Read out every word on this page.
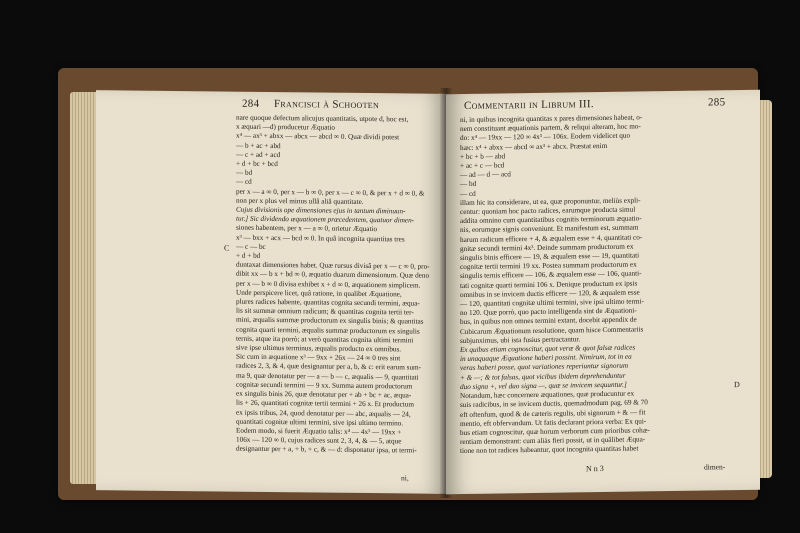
284 Francisci à Schooten
C
nare quoque defectum alicujus quantitatis, utpote d, hoc est,
x æquari —d) producetur Æquatio
x⁴ — ax³ + abxx — abcx — abcd ∞ 0. Quæ dividi potest
— b + ac + abd
— c + ad + acd
+ d + bc + bcd
— bd
— cd
per x — a ∞ 0, per x — b ∞ 0, per x — c ∞ 0, & per x + d ∞ 0, &
non per x plus vel minus ullâ aliâ quantitate.
Cujus divisionis ope dimensiones ejus in tantum diminuun-
tur.] Sic dividendo æquationem præcedentem, quatuor dimen-
siones habentem, per x — a ∞ 0, orietur Æquatio
x³ — bxx + acx — bcd ∞ 0. In quâ incognita quantitas tres
— c — bc
+ d + bd
duntaxat dimensiones habet. Quæ rursus divisâ per x — c ∞ 0, pro-
dibit xx — b x + bd ∞ 0, æquatio duarum dimensionum. Quæ deno
per x — b ∞ 0 divisa exhibet x + d ∞ 0, æquationem simplicem.
Unde perspicere licet, quâ ratione, in qualibet Æquatione,
plures radices habente, quantitas cognita secundi termini, æqua-
lis sit summæ omnium radicum; & quantitas cognita tertii ter-
mini, æqualis summæ productorum ex singulis binis; & quantitas
cognita quarti termini, æqualis summæ productorum ex singulis
ternis, atque ita porrò; at verò quantitas cognita ultimi termini
sive ipse ultimus terminus, æqualis producto ex omnibus.
Sic cum in æquatione x³ — 9xx + 26x — 24 ∞ 0 tres sint
radices 2, 3, & 4, quæ designantur per a, b, & c: erit earum sum-
ma 9, quæ denotatur per — a — b — c, æqualis — 9, quantitati
cognitæ secundi termini — 9 xx. Summa autem productorum
ex singulis binis 26, quæ denotatur per + ab + bc + ac, æqua-
lis + 26, quantitati cognitæ tertii termini + 26 x. Et productum
ex ipsis tribus, 24, quod denotatur per — abc, æqualis — 24,
quantitati cognitæ ultimi termini, sive ipsi ultimo termino.
Eodem modo, si fuerit Æquatio talis: x⁴ — 4x³ — 19xx +
106x — 120 ∞ 0, cujus radices sunt 2, 3, 4, & — 5, atque
designantur per + a, + b, + c, & — d: disponatur ipsa, ut termi-
ni,
Commentarii in Librum III.	285
D
ni, in quibus incognita quantitas x pares dimensiones habeat, o-
nem constituant æquationis partem, & reliqui alteram, hoc mo-
do: x⁴ — 19xx — 120 ∞ 4x³ — 106x. Eodem videlicet quo
hæc: x⁴ + abxx — abcd ∞ ax³ + abcx. Præstat enim
+ bc + b — abd
+ ac + c — bcd
— ad — d — acd
— bd
— cd
illam hic ita considerare, ut ea, quæ proponuntur, meliùs expli-
centur: quoniam hoc pacto radices, earumque producta simul
addita omnino cum quantitatibus cognitis terminorum æquatio-
nis, eorumque signis conveniunt. Et manifestum est, summam
harum radicum efficere + 4, & æqualem esse + 4, quantitati co-
gnitæ secundi termini 4x³. Deinde summam productorum ex
singulis binis efficere — 19, & æqualem esse — 19, quantitati
cognitæ tertii termini 19 xx. Postea summam productorum ex
singulis ternis efficere — 106, & æqualem esse — 106, quanti-
tati cognitæ quarti termini 106 x. Denique productum ex ipsis
omnibus in se invicem ductis efficere — 120, & æqualem esse
— 120, quantitati cognitæ ultimi termini, sive ipsi ultimo termi-
no 120. Quæ porrò, quo pacto intelligenda sint de Æquationi-
bus, in quibus non omnes termini extant, docebit appendix de
Cubicarum Æquationum resolutione, quam hisce Commentariis
subjunximus, ubi ista fusius pertractantur.
Ex quibus etiam cognoscitur, quot veræ & quot falsæ radices
in unaquaque Æquatione haberi possint. Nimirum, tot in ea
veras haberi posse, quot variationes reperiuntur signorum
+ & —; & tot falsas, quot vicibus ibidem deprehenduntur
duo signa +, vel duo signa —, quæ se invicem sequuntur.]
Notandum, hæc concernere æquationes, quæ producuntur ex
suis radicibus, in se invicem ductis, quemadmodum pag. 69 & 70
eft oftenfum, quod & de cæteris regulis, ubi signorum + & — fit
mentio, eft obfervandum. Ut fatis declarant priora verba: Ex qui-
bus etiam cognoscitur, quæ horum verborum cum prioribus cohæ-
rentiam demonstrant: cum aliàs fieri possit, ut in quâlibet Æqua-
tione non tot radices habeantur, quot incognita quantitas habet
N n 3	dimen-
